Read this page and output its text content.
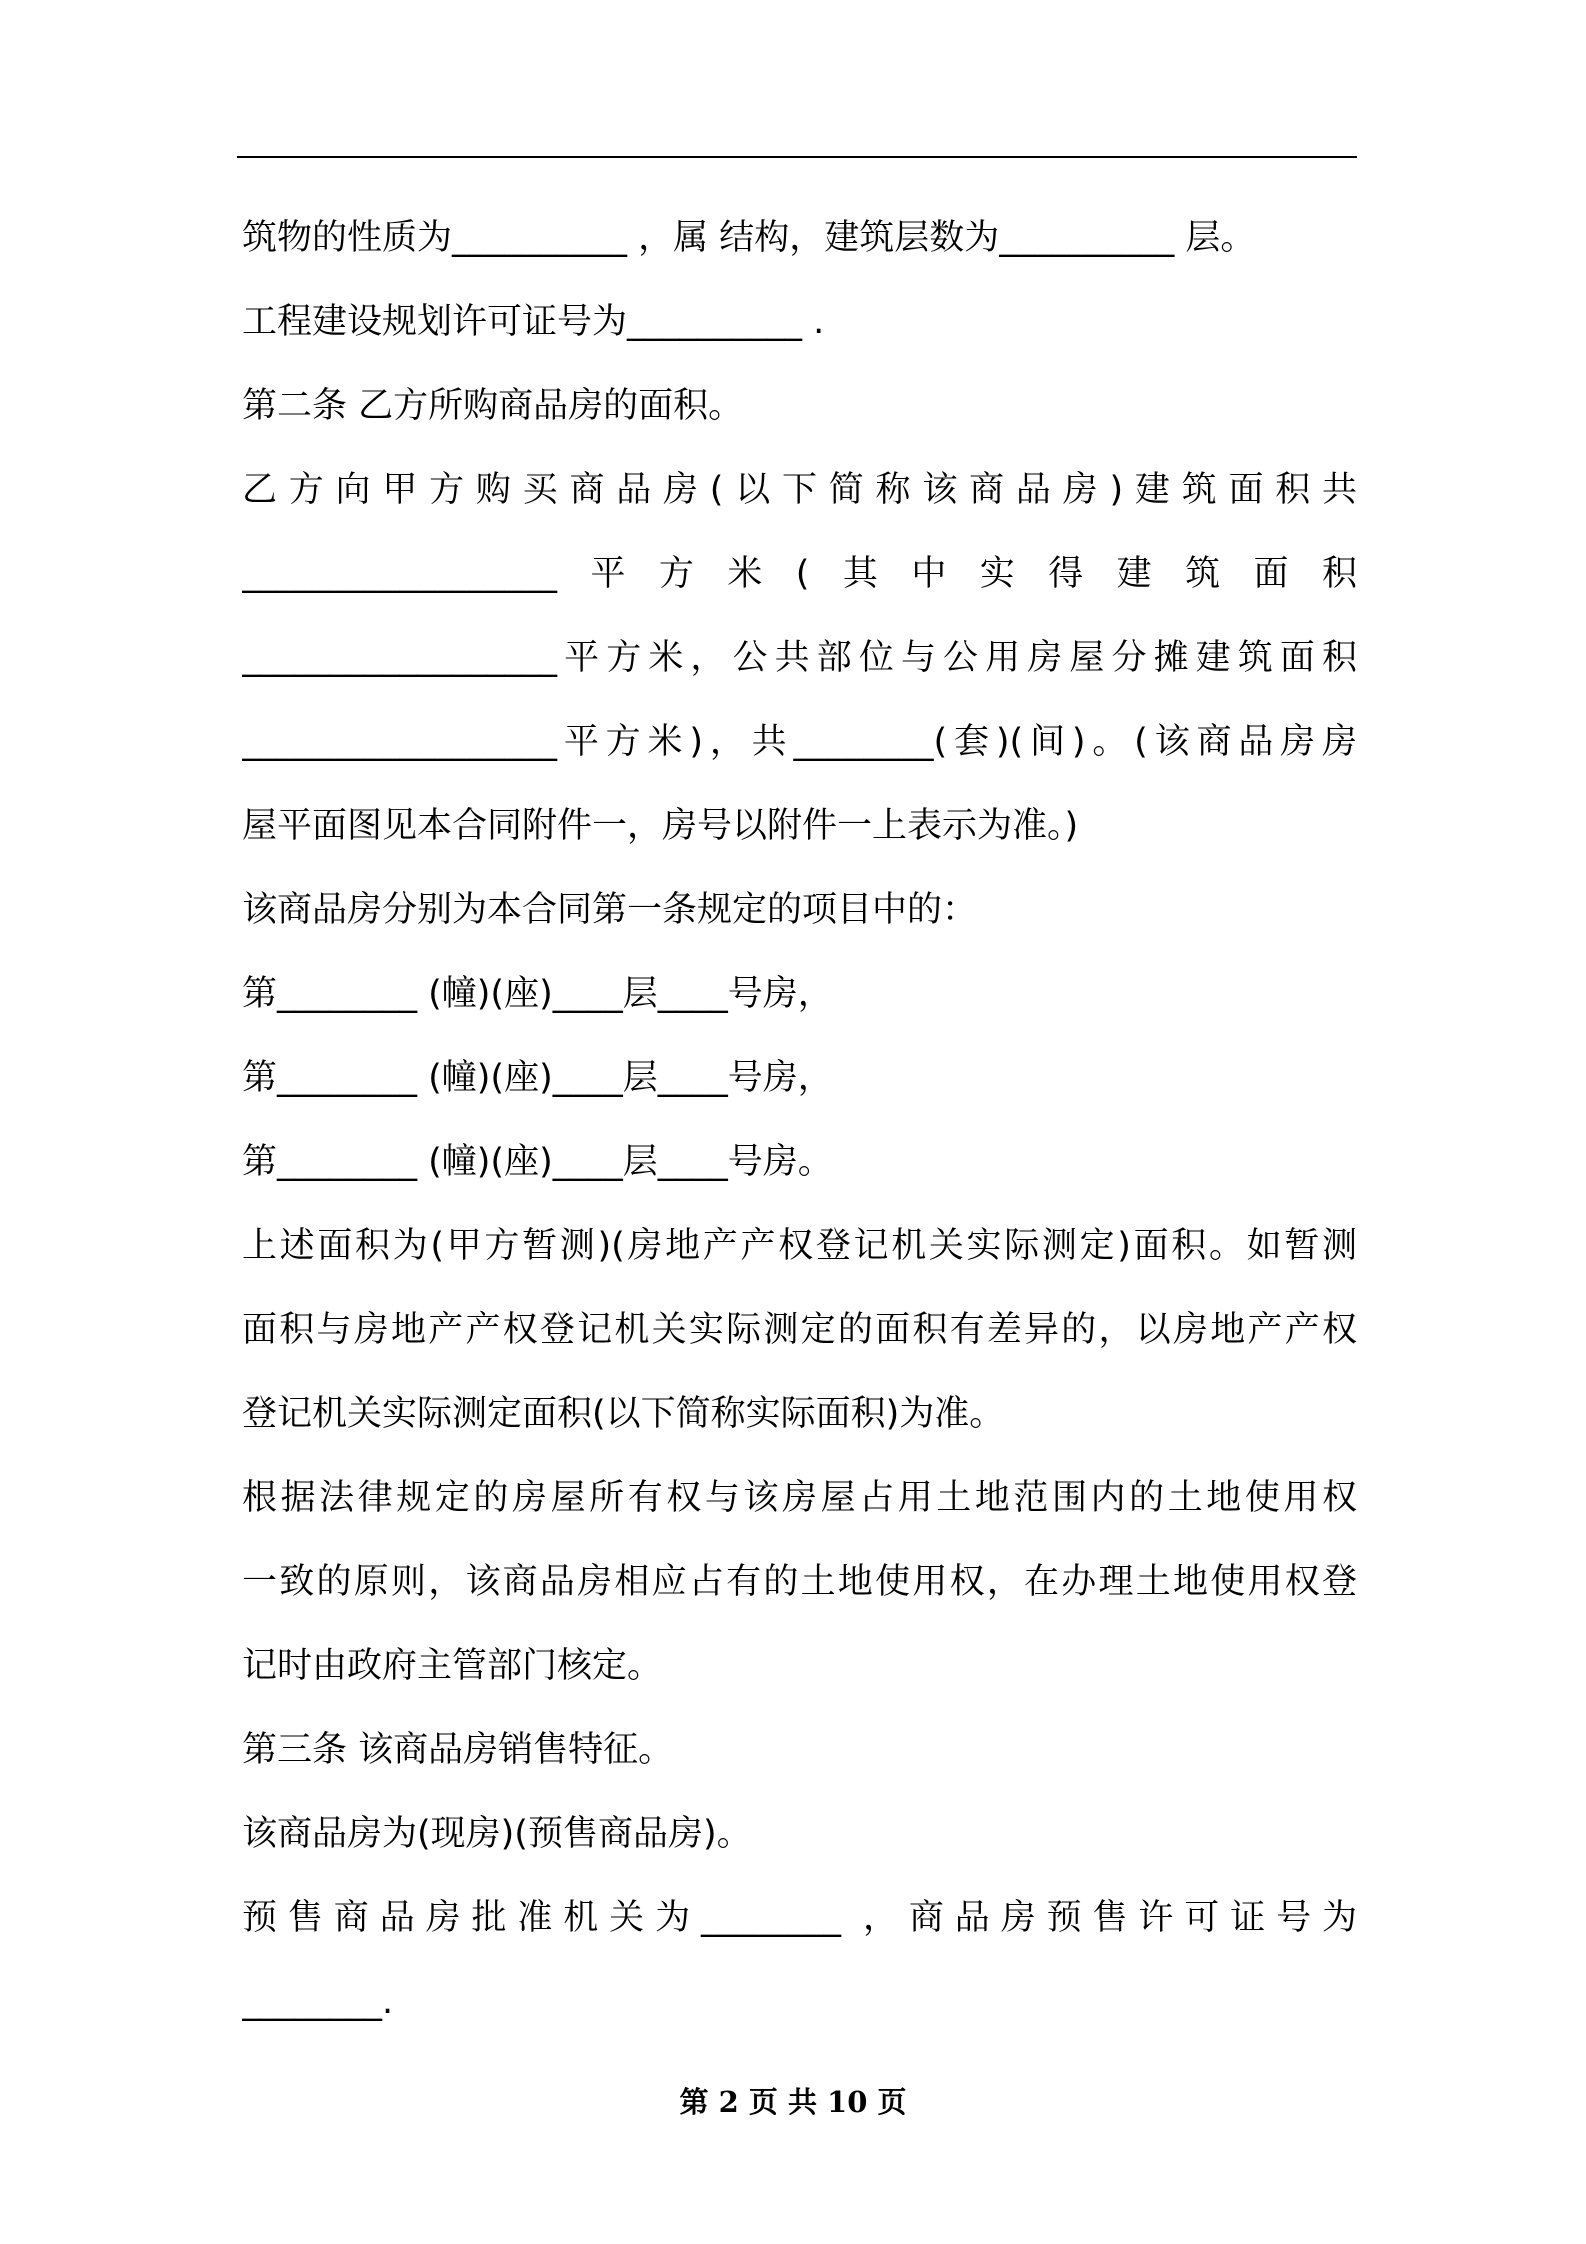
筑物的性质为__________ ，属 结构，建筑层数为__________ 层。

工程建设规划许可证号为__________ .

第二条 乙方所购商品房的面积。

乙方向甲方购买商品房(以下简称该商品房)建筑面积共

__________________平方米(其中实得建筑面积

__________________平方米，公共部位与公用房屋分摊建筑面积

__________________平方米)，共________(套)(间)。(该商品房房

屋平面图见本合同附件一，房号以附件一上表示为准。)

该商品房分别为本合同第一条规定的项目中的：

第________ (幢)(座)____层____号房，

第________ (幢)(座)____层____号房，

第________ (幢)(座)____层____号房。

上述面积为(甲方暂测)(房地产产权登记机关实际测定)面积。如暂测

面积与房地产产权登记机关实际测定的面积有差异的，以房地产产权

登记机关实际测定面积(以下简称实际面积)为准。

根据法律规定的房屋所有权与该房屋占用土地范围内的土地使用权

一致的原则，该商品房相应占有的土地使用权，在办理土地使用权登

记时由政府主管部门核定。

第三条 该商品房销售特征。

该商品房为(现房)(预售商品房)。

预售商品房批准机关为________ ，商品房预售许可证号为

________.

第 2 页 共 10 页
